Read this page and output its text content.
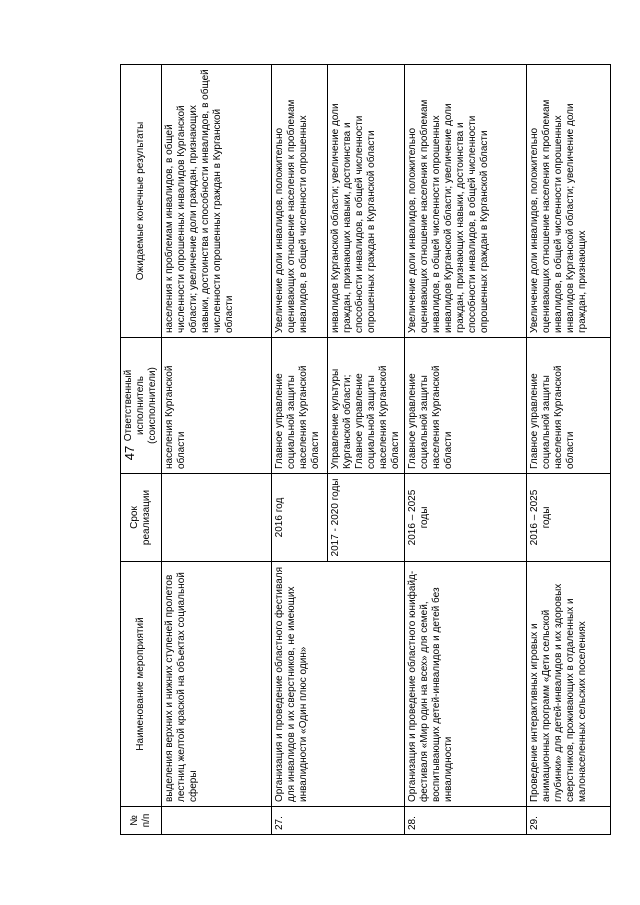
47
№ п/п	Наименование мероприятий	Срок реализации	Ответственный исполнитель (соисполнители)	Ожидаемые конечные результаты
	выделения верхних и нижних ступеней пролетов лестниц желтой краской на объектах социальной сферы		населения Курганской области	населения к проблемам инвалидов, в общей численности опрошенных инвалидов Курганской области; увеличение доли граждан, признающих навыки, достоинства и способности инвалидов, в общей численности опрошенных граждан в Курганской области
27.	Организация и проведение областного фестиваля для инвалидов и их сверстников, не имеющих инвалидности «Один плюс один»	2016 год	Главное управление социальной защиты населения Курганской области	Увеличение доли инвалидов, положительно оценивающих отношение населения к проблемам инвалидов, в общей численности опрошенных
		2017 - 2020 годы	Управление культуры Курганской области; Главное управление социальной защиты населения Курганской области	инвалидов Курганской области; увеличение доли граждан, признающих навыки, достоинства и способности инвалидов, в общей численности опрошенных граждан в Курганской области
28.	Организация и проведение областного юнифайд-фестиваля «Мир один на всех» для семей, воспитывающих детей-инвалидов и детей без инвалидности	2016 – 2025 годы	Главное управление социальной защиты населения Курганской области	Увеличение доли инвалидов, положительно оценивающих отношение населения к проблемам инвалидов, в общей численности опрошенных инвалидов Курганской области; увеличение доли граждан, признающих навыки, достоинства и способности инвалидов, в общей численности опрошенных граждан в Курганской области
29.	Проведение интерактивных игровых и анимационных программ «Дети сельской глубинки» для детей-инвалидов и их здоровых сверстников, проживающих в отдаленных и малонаселенных сельских поселениях	2016 – 2025 годы	Главное управление социальной защиты населения Курганской области	Увеличение доли инвалидов, положительно оценивающих отношение населения к проблемам инвалидов, в общей численности опрошенных инвалидов Курганской области; увеличение доли граждан, признающих
